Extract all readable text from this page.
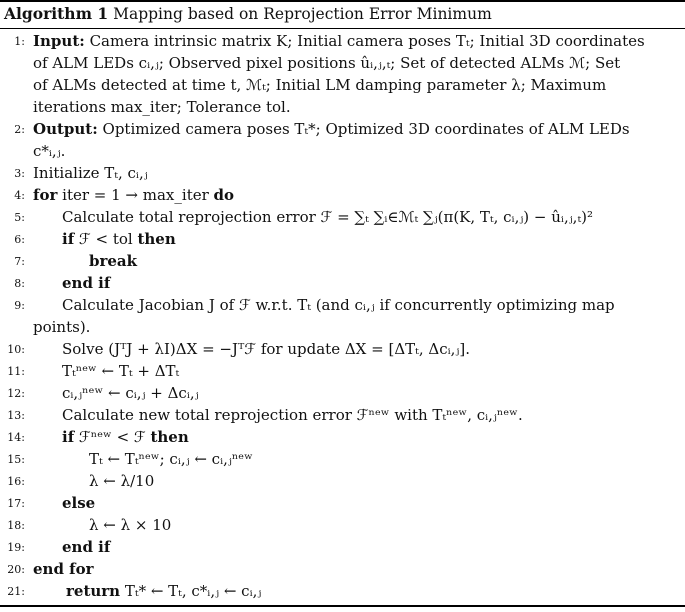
Algorithm 1 Mapping based on Reprojection Error Minimum
1: Input: Camera intrinsic matrix K; Initial camera poses Tₜ; Initial 3D coordinates
of ALM LEDs cᵢ,ⱼ; Observed pixel positions ûᵢ,ⱼ,ₜ; Set of detected ALMs ℳ; Set
of ALMs detected at time t, ℳₜ; Initial LM damping parameter λ; Maximum
iterations max_iter; Tolerance tol.
2: Output: Optimized camera poses Tₜ*; Optimized 3D coordinates of ALM LEDs
c*ᵢ,ⱼ.
3: Initialize Tₜ, cᵢ,ⱼ
4: for iter = 1 → max_iter do
5: Calculate total reprojection error ℱ = ∑ₜ ∑ᵢ∈ℳₜ ∑ⱼ(π(K, Tₜ, cᵢ,ⱼ) − ûᵢ,ⱼ,ₜ)²
6: if ℱ < tol then
7:	break
8: end if
9: Calculate Jacobian J of ℱ w.r.t. Tₜ (and cᵢ,ⱼ if concurrently optimizing map
points).
10: Solve (JᵀJ + λI)ΔX = −Jᵀℱ for update ΔX = [ΔTₜ, Δcᵢ,ⱼ].
11: Tₜⁿᵉʷ ← Tₜ + ΔTₜ
12: cᵢ,ⱼⁿᵉʷ ← cᵢ,ⱼ + Δcᵢ,ⱼ
13: Calculate new total reprojection error ℱⁿᵉʷ with Tₜⁿᵉʷ, cᵢ,ⱼⁿᵉʷ.
14: if ℱⁿᵉʷ < ℱ then
15:	Tₜ ← Tₜⁿᵉʷ; cᵢ,ⱼ ← cᵢ,ⱼⁿᵉʷ
16:	λ ← λ/10
17: else
18:	λ ← λ × 10
19: end if
20: end for
21:	return Tₜ* ← Tₜ, c*ᵢ,ⱼ ← cᵢ,ⱼ
